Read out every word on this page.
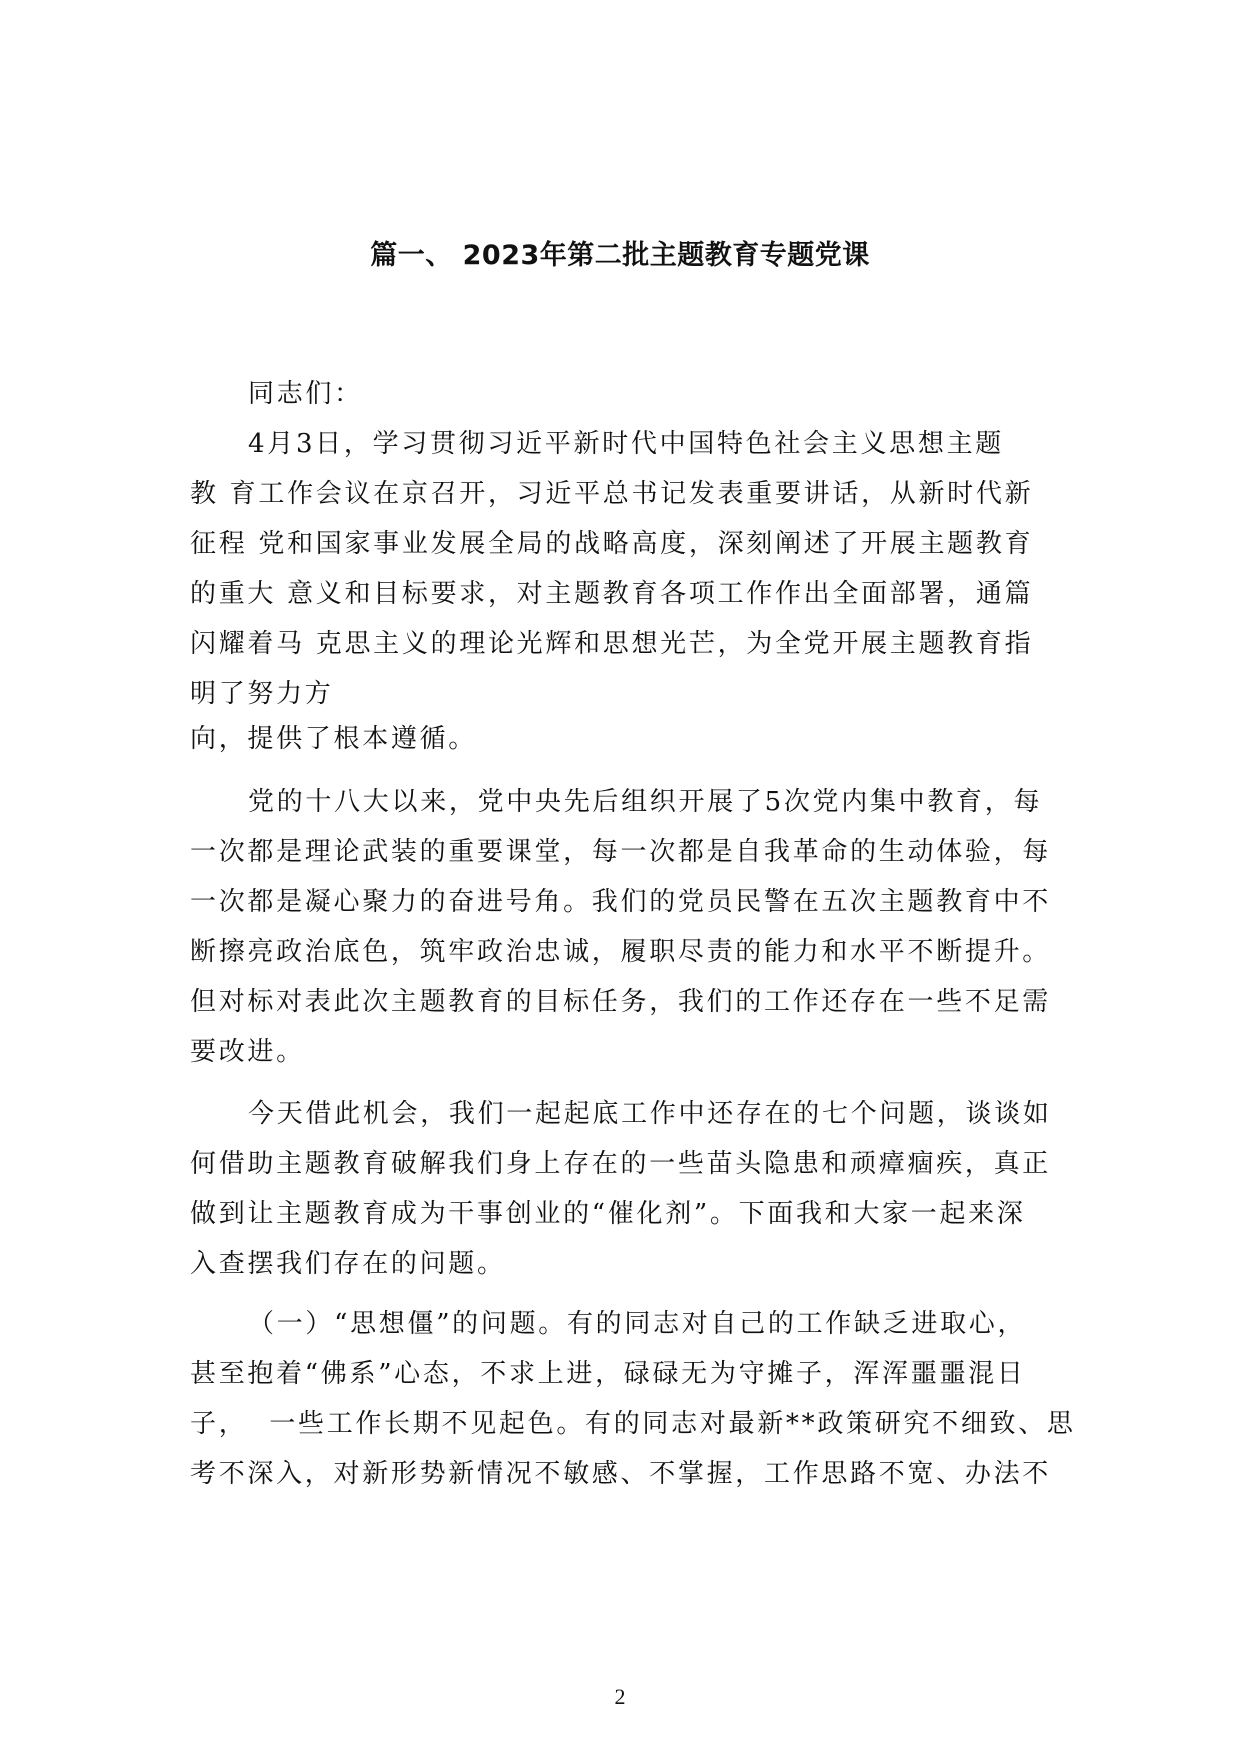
篇一、 2023年第二批主题教育专题党课
同志们：
4月3日，学习贯彻习近平新时代中国特色社会主义思想主题
教 育工作会议在京召开，习近平总书记发表重要讲话，从新时代新
征程 党和国家事业发展全局的战略高度，深刻阐述了开展主题教育
的重大 意义和目标要求，对主题教育各项工作作出全面部署，通篇
闪耀着马 克思主义的理论光辉和思想光芒，为全党开展主题教育指
明了努力方
向，提供了根本遵循。
党的十八大以来，党中央先后组织开展了5次党内集中教育，每
一次都是理论武装的重要课堂，每一次都是自我革命的生动体验，每
一次都是凝心聚力的奋进号角。我们的党员民警在五次主题教育中不
断擦亮政治底色，筑牢政治忠诚，履职尽责的能力和水平不断提升。
但对标对表此次主题教育的目标任务，我们的工作还存在一些不足需
要改进。
今天借此机会，我们一起起底工作中还存在的七个问题，谈谈如
何借助主题教育破解我们身上存在的一些苗头隐患和顽瘴痼疾，真正
做到让主题教育成为干事创业的“催化剂”。下面我和大家一起来深
入查摆我们存在的问题。
（一）“思想僵”的问题。有的同志对自己的工作缺乏进取心，
甚至抱着“佛系”心态，不求上进，碌碌无为守摊子，浑浑噩噩混日
子，  一些工作长期不见起色。有的同志对最新**政策研究不细致、思
考不深入，对新形势新情况不敏感、不掌握，工作思路不宽、办法不
2
